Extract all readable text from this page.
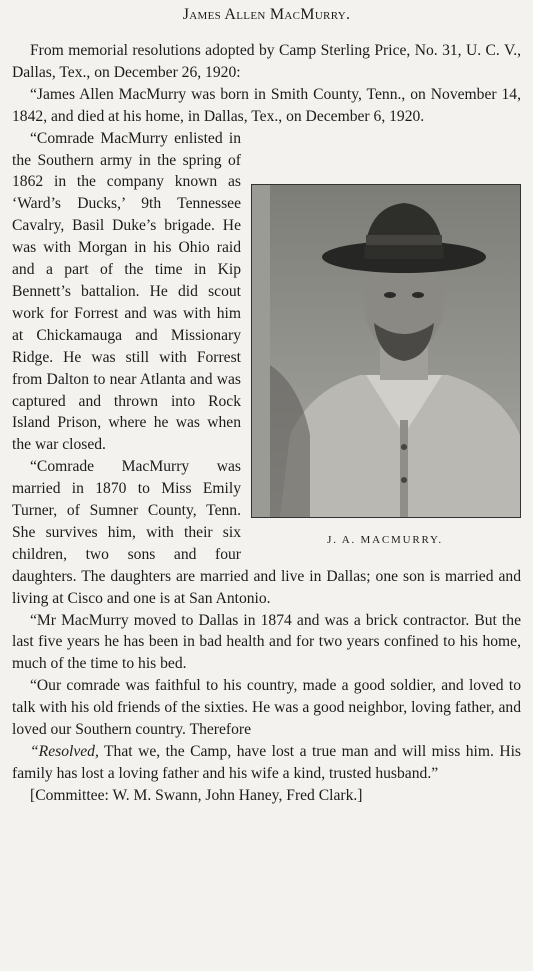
James Allen MacMurry.

From memorial resolutions adopted by Camp Sterling Price, No. 31, U. C. V., Dallas, Tex., on December 26, 1920:

“James Allen MacMurry was born in Smith County, Tenn., on November 14, 1842, and died at his home, in Dallas, Tex., on December 6, 1920.

J. A. MACMURRY.
“Comrade MacMurry enlisted in the Southern army in the spring of 1862 in the company known as ‘Ward’s Ducks,’ 9th Tennessee Cavalry, Basil Duke’s brigade. He was with Morgan in his Ohio raid and a part of the time in Kip Bennett’s battalion. He did scout work for Forrest and was with him at Chickamauga and Missionary Ridge. He was still with Forrest from Dalton to near Atlanta and was captured and thrown into Rock Island Prison, where he was when the war closed.

“Comrade MacMurry was married in 1870 to Miss Emily Turner, of Sumner County, Tenn. She survives him, with their six children, two sons and four daughters. The daughters are married and live in Dallas; one son is married and living at Cisco and one is at San Antonio.

“Mr MacMurry moved to Dallas in 1874 and was a brick contractor. But the last five years he has been in bad health and for two years confined to his home, much of the time to his bed.

“Our comrade was faithful to his country, made a good soldier, and loved to talk with his old friends of the sixties. He was a good neighbor, loving father, and loved our Southern country. Therefore

“Resolved, That we, the Camp, have lost a true man and will miss him. His family has lost a loving father and his wife a kind, trusted husband.”

[Committee: W. M. Swann, John Haney, Fred Clark.]
